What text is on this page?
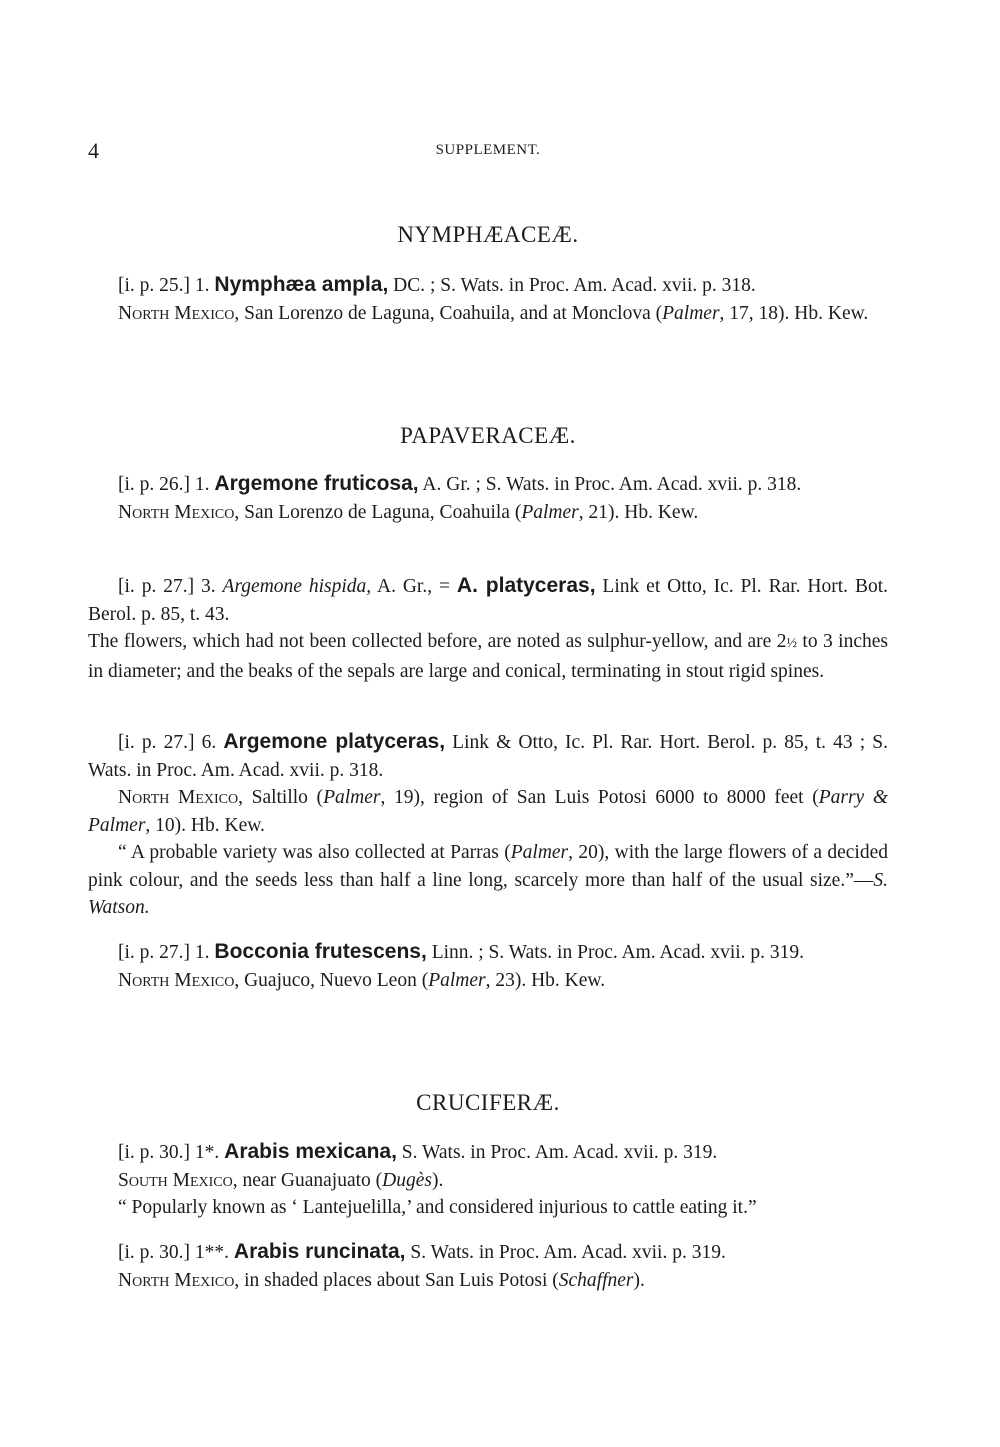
4	SUPPLEMENT.
NYMPHÆACEÆ.

[i. p. 25.] 1. Nymphæa ampla, DC. ; S. Wats. in Proc. Am. Acad. xvii. p. 318.

North Mexico, San Lorenzo de Laguna, Coahuila, and at Monclova (Palmer, 17, 18). Hb. Kew.

PAPAVERACEÆ.

[i. p. 26.] 1. Argemone fruticosa, A. Gr. ; S. Wats. in Proc. Am. Acad. xvii. p. 318.

North Mexico, San Lorenzo de Laguna, Coahuila (Palmer, 21). Hb. Kew.

[i. p. 27.] 3. Argemone hispida, A. Gr., = A. platyceras, Link et Otto, Ic. Pl. Rar. Hort. Bot. Berol. p. 85, t. 43.

The flowers, which had not been collected before, are noted as sulphur-yellow, and are 2½ to 3 inches in diameter; and the beaks of the sepals are large and conical, terminating in stout rigid spines.

[i. p. 27.] 6. Argemone platyceras, Link & Otto, Ic. Pl. Rar. Hort. Berol. p. 85, t. 43 ; S. Wats. in Proc. Am. Acad. xvii. p. 318.

North Mexico, Saltillo (Palmer, 19), region of San Luis Potosi 6000 to 8000 feet (Parry & Palmer, 10). Hb. Kew.

“ A probable variety was also collected at Parras (Palmer, 20), with the large flowers of a decided pink colour, and the seeds less than half a line long, scarcely more than half of the usual size.”—S. Watson.

[i. p. 27.] 1. Bocconia frutescens, Linn. ; S. Wats. in Proc. Am. Acad. xvii. p. 319.

North Mexico, Guajuco, Nuevo Leon (Palmer, 23). Hb. Kew.

CRUCIFERÆ.

[i. p. 30.] 1*. Arabis mexicana, S. Wats. in Proc. Am. Acad. xvii. p. 319.

South Mexico, near Guanajuato (Dugès).

“ Popularly known as ‘ Lantejuelilla,’ and considered injurious to cattle eating it.”

[i. p. 30.] 1**. Arabis runcinata, S. Wats. in Proc. Am. Acad. xvii. p. 319.

North Mexico, in shaded places about San Luis Potosi (Schaffner).
